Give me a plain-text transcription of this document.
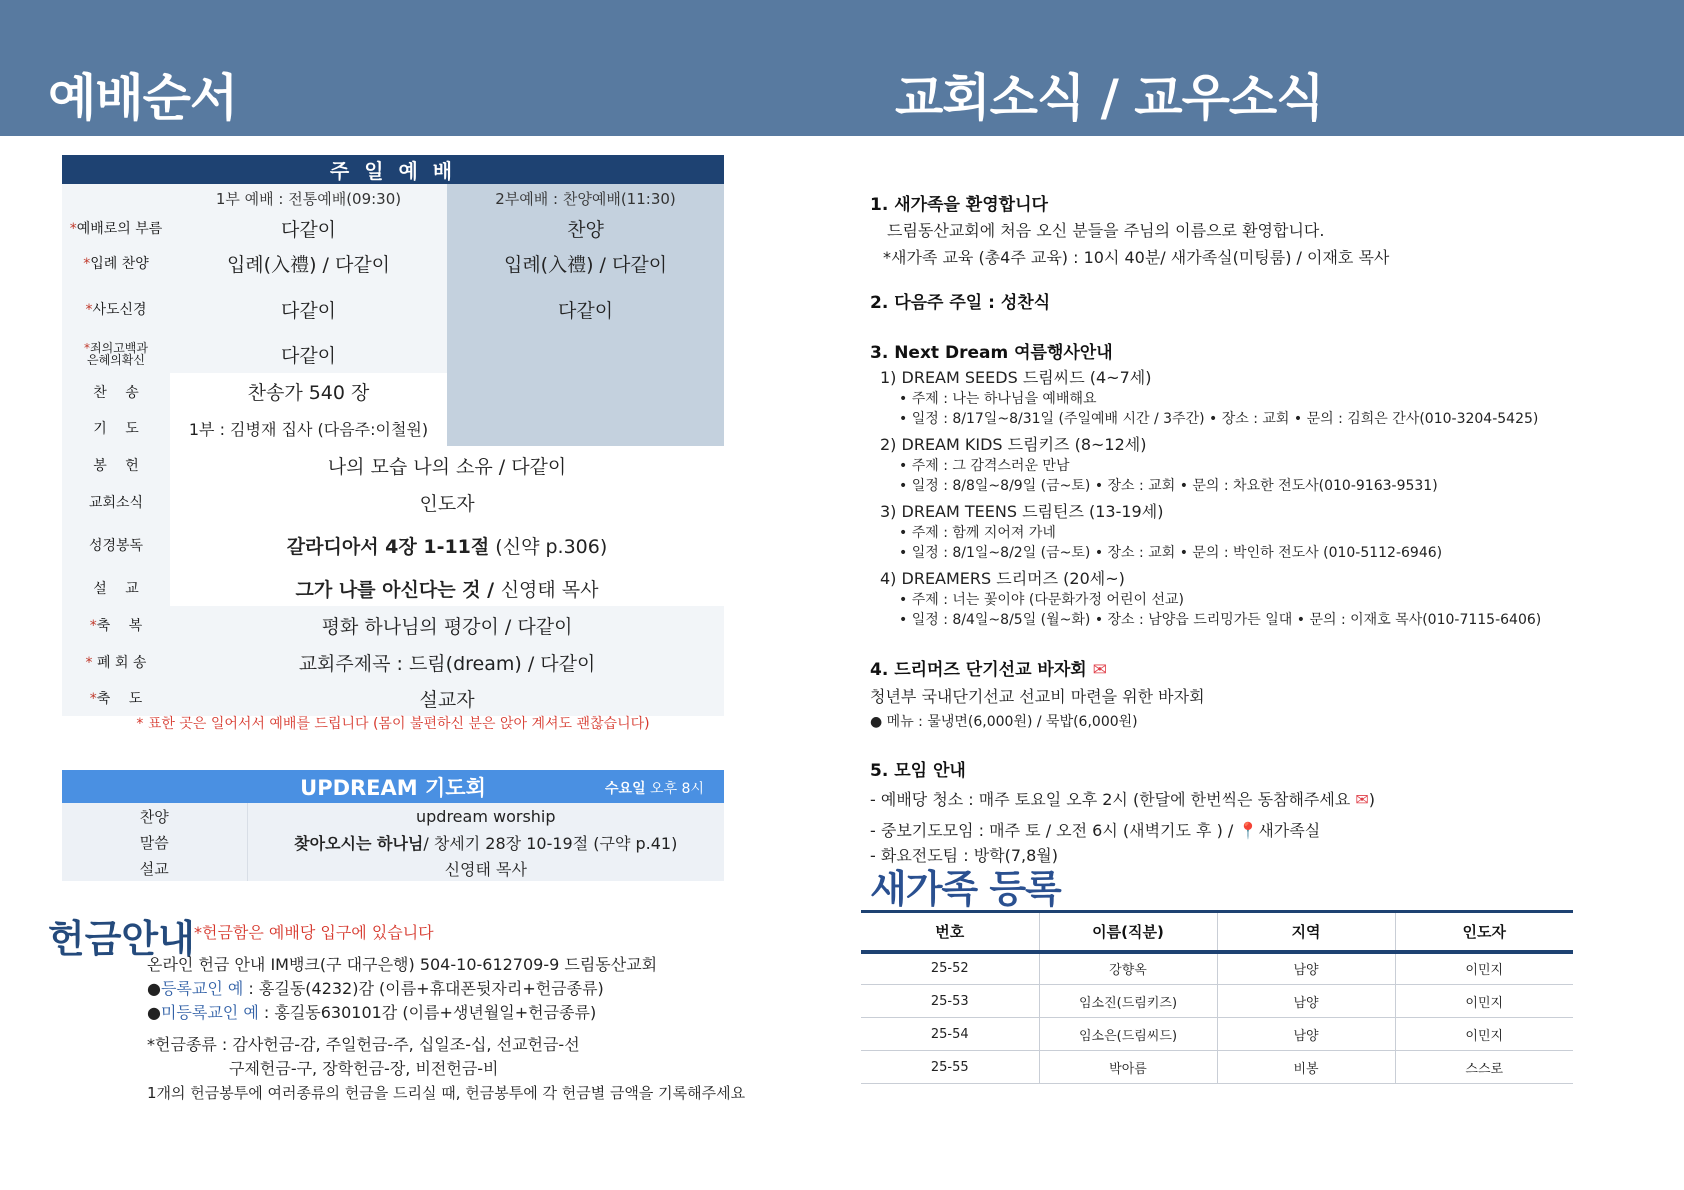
예배순서	교회소식 / 교우소식
주 일 예 배		
	1부 예배 : 전통예배(09:30)	2부예배 : 찬양예배(11:30)
*예배로의 부름	다같이	찬양
*입례 찬양	입례(入禮) / 다같이	입례(入禮) / 다같이
*사도신경	다같이	다같이
*죄의고백과
은혜의확신	다같이	
찬　 송	찬송가 540 장	
기　 도	1부 : 김병재 집사 (다음주:이철원)	
봉　 헌	나의 모습 나의 소유 / 다같이	
교회소식	인도자	
성경봉독	갈라디아서 4장 1-11절 (신약 p.306)	
설　 교	그가 나를 아신다는 것 / 신영태 목사	
*축　 복	평화 하나님의 평강이 / 다같이	
* 폐 회 송	교회주제곡 : 드림(dream) / 다같이	
*축　 도	설교자	
* 표한 곳은 일어서서 예배를 드립니다 (몸이 불편하신 분은 앉아 계셔도 괜찮습니다)
UPDREAM 기도회 수요일 오후 8시	

찬양	updream worship
말씀	찾아오시는 하나님/ 창세기 28장 10-19절 (구약 p.41)
설교	신영태 목사
헌금안내 *헌금함은 예배당 입구에 있습니다
온라인 헌금 안내 IM뱅크(구 대구은행) 504-10-612709-9 드림동산교회
●등록교인 예 : 홍길동(4232)감 (이름+휴대폰뒷자리+헌금종류)
●미등록교인 예 : 홍길동630101감 (이름+생년월일+헌금종류)
*헌금종류 : 감사헌금-감, 주일헌금-주, 십일조-십, 선교헌금-선
구제헌금-구, 장학헌금-장, 비전헌금-비
1개의 헌금봉투에 여러종류의 헌금을 드리실 때, 헌금봉투에 각 헌금별 금액을 기록해주세요
1. 새가족을 환영합니다
드림동산교회에 처음 오신 분들을 주님의 이름으로 환영합니다.
*새가족 교육 (총4주 교육) : 10시 40분/ 새가족실(미팅룸) / 이재호 목사
2. 다음주 주일 : 성찬식
3. Next Dream 여름행사안내
1) DREAM SEEDS 드림씨드 (4~7세)
• 주제 : 나는 하나님을 예배해요
• 일정 : 8/17일~8/31일 (주일예배 시간 / 3주간) • 장소 : 교회 • 문의 : 김희은 간사(010-3204-5425)
2) DREAM KIDS 드림키즈 (8~12세)
• 주제 : 그 감격스러운 만남
• 일정 : 8/8일~8/9일 (금~토) • 장소 : 교회 • 문의 : 차요한 전도사(010-9163-9531)
3) DREAM TEENS 드림틴즈 (13-19세)
• 주제 : 함께 지어져 가네
• 일정 : 8/1일~8/2일 (금~토) • 장소 : 교회 • 문의 : 박인하 전도사 (010-5112-6946)
4) DREAMERS 드리머즈 (20세~)
• 주제 : 너는 꽃이야 (다문화가정 어린이 선교)
• 일정 : 8/4일~8/5일 (월~화) • 장소 : 남양읍 드리밍가든 일대 • 문의 : 이재호 목사(010-7115-6406)
4. 드리머즈 단기선교 바자회 ✉
청년부 국내단기선교 선교비 마련을 위한 바자회
● 메뉴 : 물냉면(6,000원) / 묵밥(6,000원)
5. 모임 안내
- 예배당 청소 : 매주 토요일 오후 2시 (한달에 한번씩은 동참해주세요 ✉)
- 중보기도모임 : 매주 토 / 오전 6시 (새벽기도 후 ) / 📍새가족실
- 화요전도팀 : 방학(7,8월)
새가족 등록
번호	이름(직분)	지역	인도자
25-52	강향옥	남양	이민지
25-53	임소진(드림키즈)	남양	이민지
25-54	임소은(드림씨드)	남양	이민지
25-55	박아름	비봉	스스로
